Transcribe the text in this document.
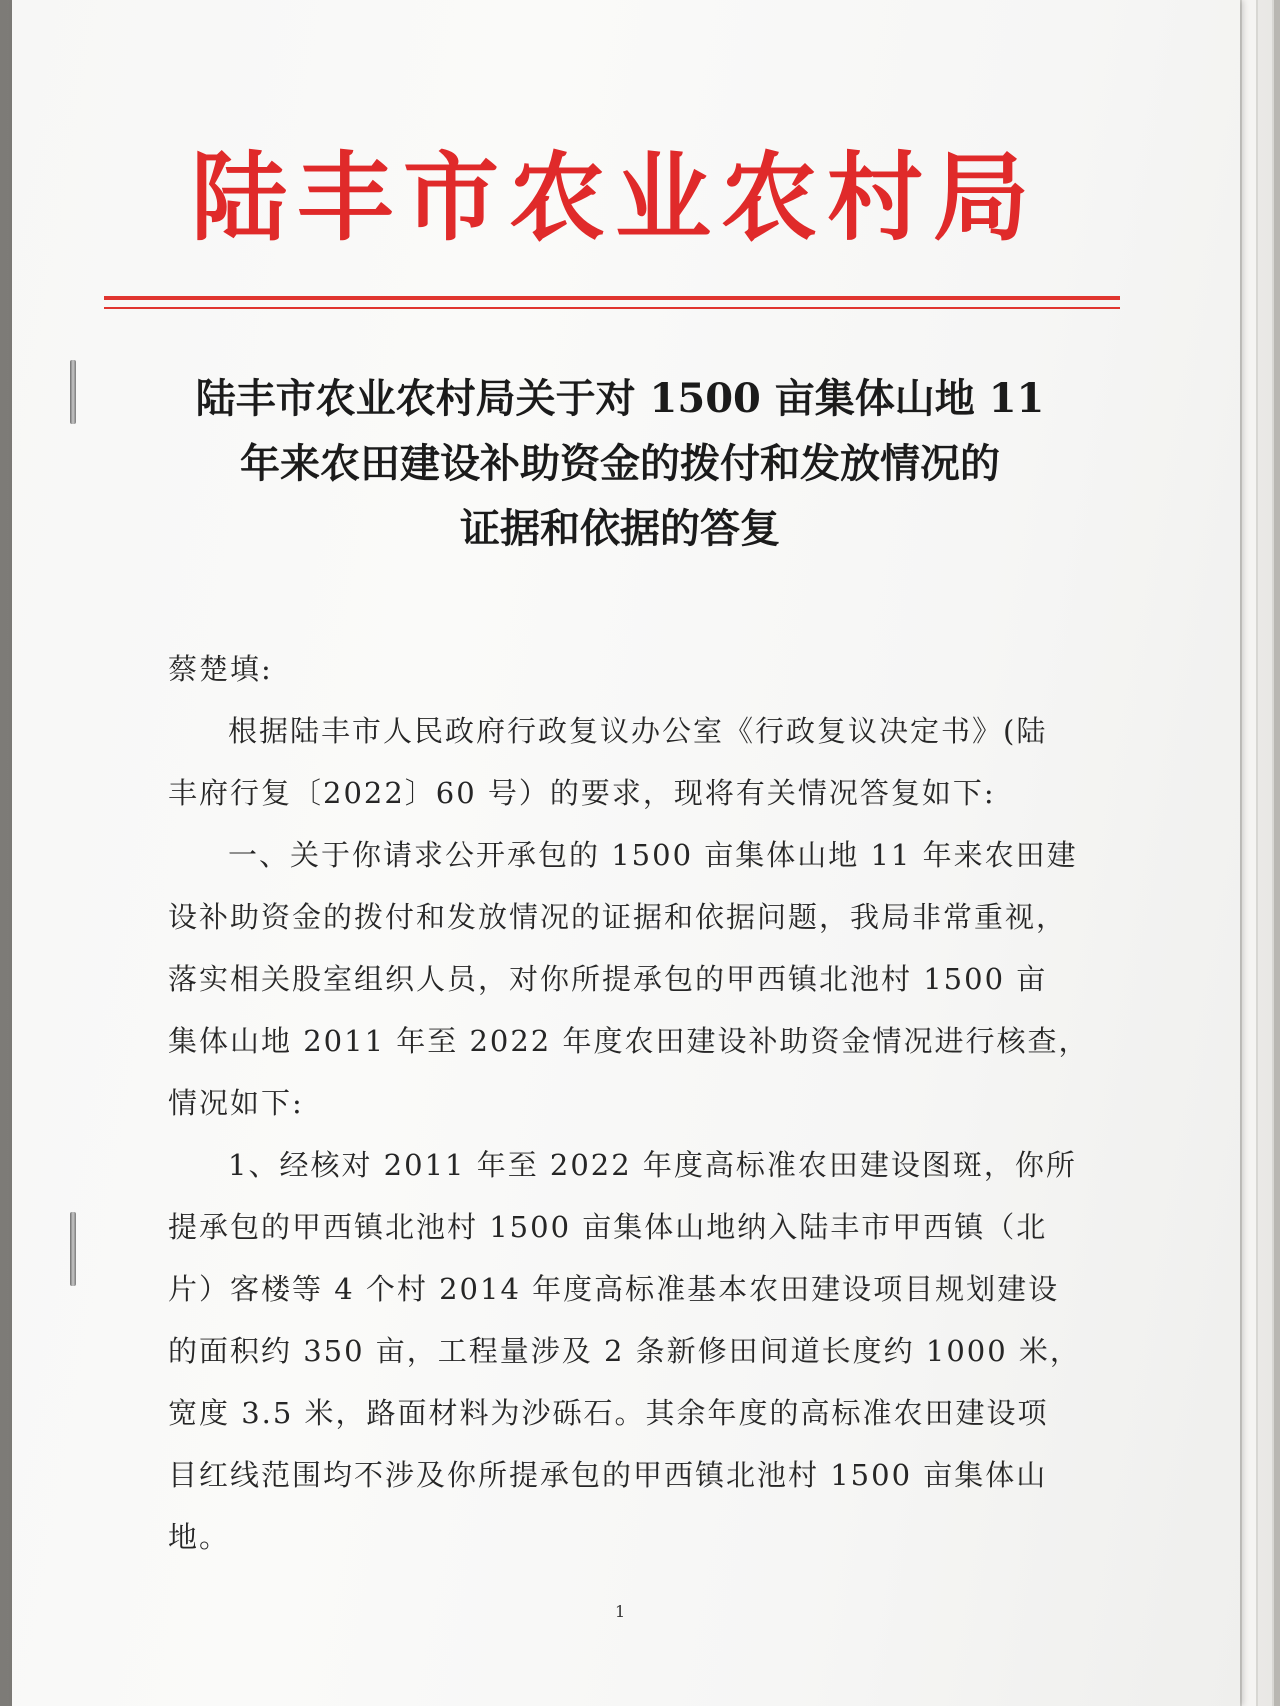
陆丰市农业农村局
陆丰市农业农村局关于对 1500 亩集体山地 11
年来农田建设补助资金的拨付和发放情况的
证据和依据的答复
蔡楚填:
根据陆丰市人民政府行政复议办公室《行政复议决定书》(陆
丰府行复〔2022〕60 号）的要求，现将有关情况答复如下:
一、关于你请求公开承包的 1500 亩集体山地 11 年来农田建
设补助资金的拨付和发放情况的证据和依据问题，我局非常重视，
落实相关股室组织人员，对你所提承包的甲西镇北池村 1500 亩
集体山地 2011 年至 2022 年度农田建设补助资金情况进行核查，
情况如下:
1、经核对 2011 年至 2022 年度高标准农田建设图斑，你所
提承包的甲西镇北池村 1500 亩集体山地纳入陆丰市甲西镇（北
片）客楼等 4 个村 2014 年度高标准基本农田建设项目规划建设
的面积约 350 亩，工程量涉及 2 条新修田间道长度约 1000 米，
宽度 3.5 米，路面材料为沙砾石。其余年度的高标准农田建设项
目红线范围均不涉及你所提承包的甲西镇北池村 1500 亩集体山
地。
1
